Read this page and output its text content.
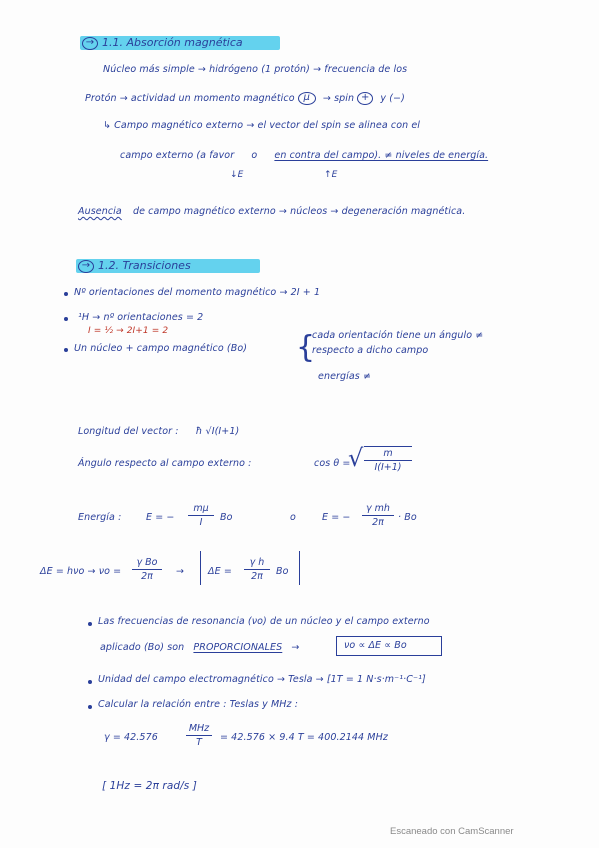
→ 1.1. Absorción magnética
Núcleo más simple → hidrógeno (1 protón) → frecuencia de los
Protón → actividad un momento magnético μ → spin + y (−)
↳ Campo magnético externo → el vector del spin se alinea con el
campo externo (a favor o en contra del campo). ≠ niveles de energía.
↓E	↑E
Ausencia de campo magnético externo → núcleos → degeneración magnética.
→ 1.2. Transiciones
Nº orientaciones del momento magnético → 2I + 1
¹H → nº orientaciones = 2
I = ½ → 2I+1 = 2
Un núcleo + campo magnético (Bo) {
cada orientación tiene un ángulo ≠
respecto a dicho campo
energías ≠
Longitud del vector : ħ √I(I+1)
Ángulo respecto al campo externo :	cos θ =
√	m
I(I+1)
Energía :	E = −
mμ
I	Bo	o	E = −
γ mh
2π	· Bo
ΔE = hνo → νo =
γ Bo
2π	→	ΔE =
γ h
2π	Bo
Las frecuencias de resonancia (νo) de un núcleo y el campo externo
aplicado (Bo) son PROPORCIONALES →	νo ∝ ΔE ∝ Bo
Unidad del campo electromagnético → Tesla → [1T = 1 N·s·m⁻¹·C⁻¹]
Calcular la relación entre : Teslas y MHz :
γ = 42.576
MHz
T	= 42.576 × 9.4 T = 400.2144 MHz
[ 1Hz = 2π rad/s ]
Escaneado con CamScanner
